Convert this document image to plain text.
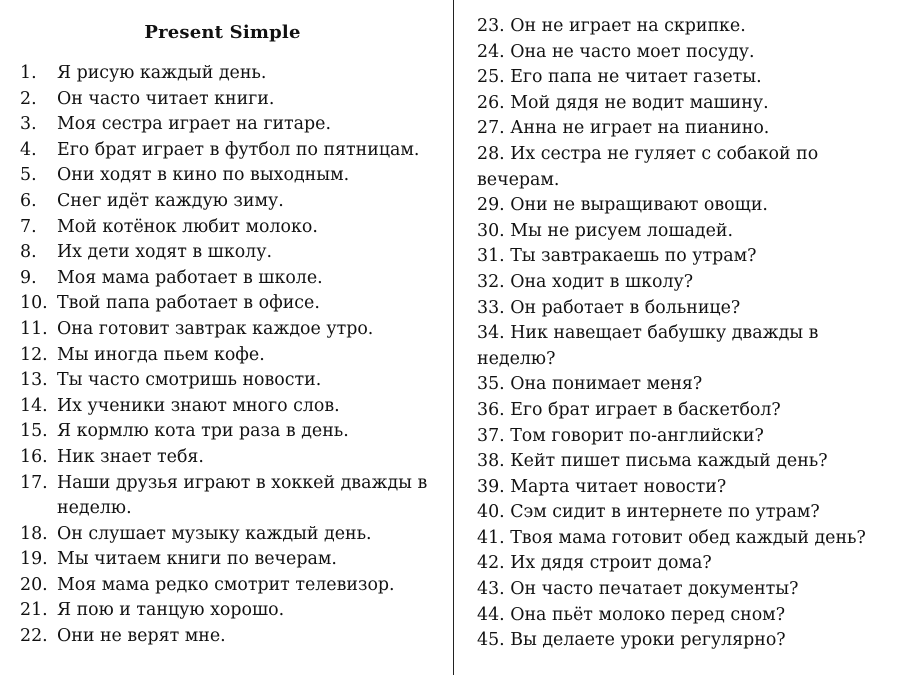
Present Simple
1. Я рисую каждый день.
2. Он часто читает книги.
3. Моя сестра играет на гитаре.
4. Его брат играет в футбол по пятницам.
5. Они ходят в кино по выходным.
6. Снег идёт каждую зиму.
7. Мой котёнок любит молоко.
8. Их дети ходят в школу.
9. Моя мама работает в школе.
10. Твой папа работает в офисе.
11. Она готовит завтрак каждое утро.
12. Мы иногда пьем кофе.
13. Ты часто смотришь новости.
14. Их ученики знают много слов.
15. Я кормлю кота три раза в день.
16. Ник знает тебя.
17. Наши друзья играют в хоккей дважды в неделю.
18. Он слушает музыку каждый день.
19. Мы читаем книги по вечерам.
20. Моя мама редко смотрит телевизор.
21. Я пою и танцую хорошо.
22. Они не верят мне.
23. Он не играет на скрипке.
24. Она не часто моет посуду.
25. Его папа не читает газеты.
26. Мой дядя не водит машину.
27. Анна не играет на пианино.
28. Их сестра не гуляет с собакой по вечерам.
29. Они не выращивают овощи.
30. Мы не рисуем лошадей.
31. Ты завтракаешь по утрам?
32. Она ходит в школу?
33. Он работает в больнице?
34. Ник навещает бабушку дважды в неделю?
35. Она понимает меня?
36. Его брат играет в баскетбол?
37. Том говорит по-английски?
38. Кейт пишет письма каждый день?
39. Марта читает новости?
40. Сэм сидит в интернете по утрам?
41. Твоя мама готовит обед каждый день?
42. Их дядя строит дома?
43. Он часто печатает документы?
44. Она пьёт молоко перед сном?
45. Вы делаете уроки регулярно?
